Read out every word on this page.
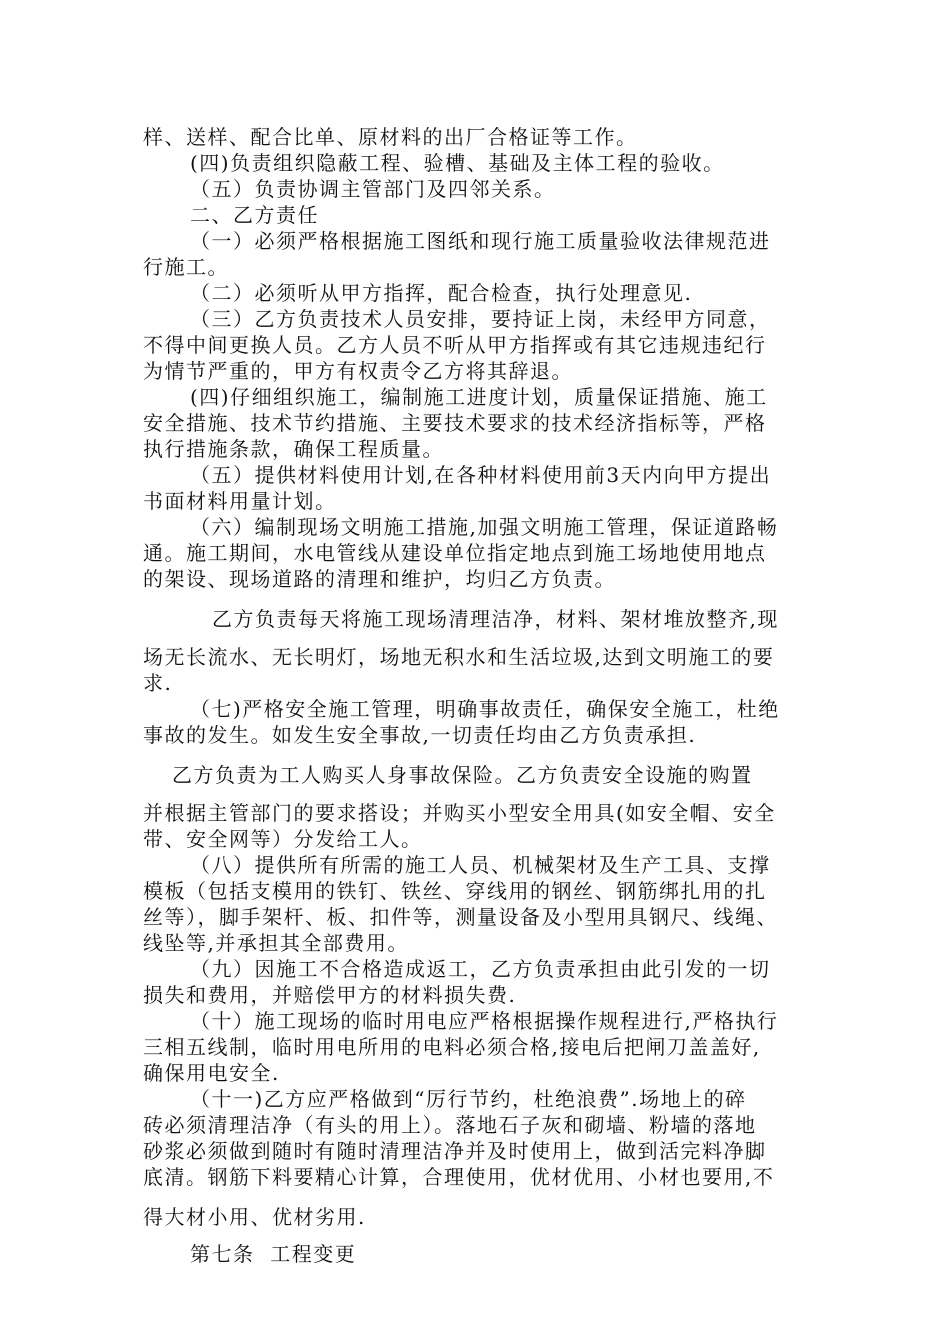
样、送样、配合比单、原材料的出厂合格证等工作。
(四)负责组织隐蔽工程、验槽、基础及主体工程的验收。
（五）负责协调主管部门及四邻关系。
二、乙方责任
（一）必须严格根据施工图纸和现行施工质量验收法律规范进
行施工。
（二）必须听从甲方指挥，配合检查，执行处理意见.
（三）乙方负责技术人员安排，要持证上岗，未经甲方同意，
不得中间更换人员。乙方人员不听从甲方指挥或有其它违规违纪行
为情节严重的，甲方有权责令乙方将其辞退。
(四)仔细组织施工，编制施工进度计划，质量保证措施、施工
安全措施、技术节约措施、主要技术要求的技术经济指标等，严格
执行措施条款，确保工程质量。
（五）提供材料使用计划,在各种材料使用前3天内向甲方提出
书面材料用量计划。
（六）编制现场文明施工措施,加强文明施工管理，保证道路畅
通。施工期间，水电管线从建设单位指定地点到施工场地使用地点
的架设、现场道路的清理和维护，均归乙方负责。
乙方负责每天将施工现场清理洁净，材料、架材堆放整齐,现
场无长流水、无长明灯，场地无积水和生活垃圾,达到文明施工的要
求.
（七)严格安全施工管理，明确事故责任，确保安全施工，杜绝
事故的发生。如发生安全事故,一切责任均由乙方负责承担.
乙方负责为工人购买人身事故保险。乙方负责安全设施的购置
并根据主管部门的要求搭设；并购买小型安全用具(如安全帽、安全
带、安全网等）分发给工人。
（八）提供所有所需的施工人员、机械架材及生产工具、支撑
模板（包括支模用的铁钉、铁丝、穿线用的钢丝、钢筋绑扎用的扎
丝等），脚手架杆、板、扣件等，测量设备及小型用具钢尺、线绳、
线坠等,并承担其全部费用。
（九）因施工不合格造成返工，乙方负责承担由此引发的一切
损失和费用，并赔偿甲方的材料损失费.
（十）施工现场的临时用电应严格根据操作规程进行,严格执行
三相五线制，临时用电所用的电料必须合格,接电后把闸刀盖盖好,
确保用电安全.
（十一)乙方应严格做到“厉行节约，杜绝浪费”.场地上的碎
砖必须清理洁净（有头的用上）。落地石子灰和砌墙、粉墙的落地
砂浆必须做到随时有随时清理洁净并及时使用上，做到活完料净脚
底清。钢筋下料要精心计算，合理使用，优材优用、小材也要用,不
得大材小用、优材劣用.
第七条  工程变更
